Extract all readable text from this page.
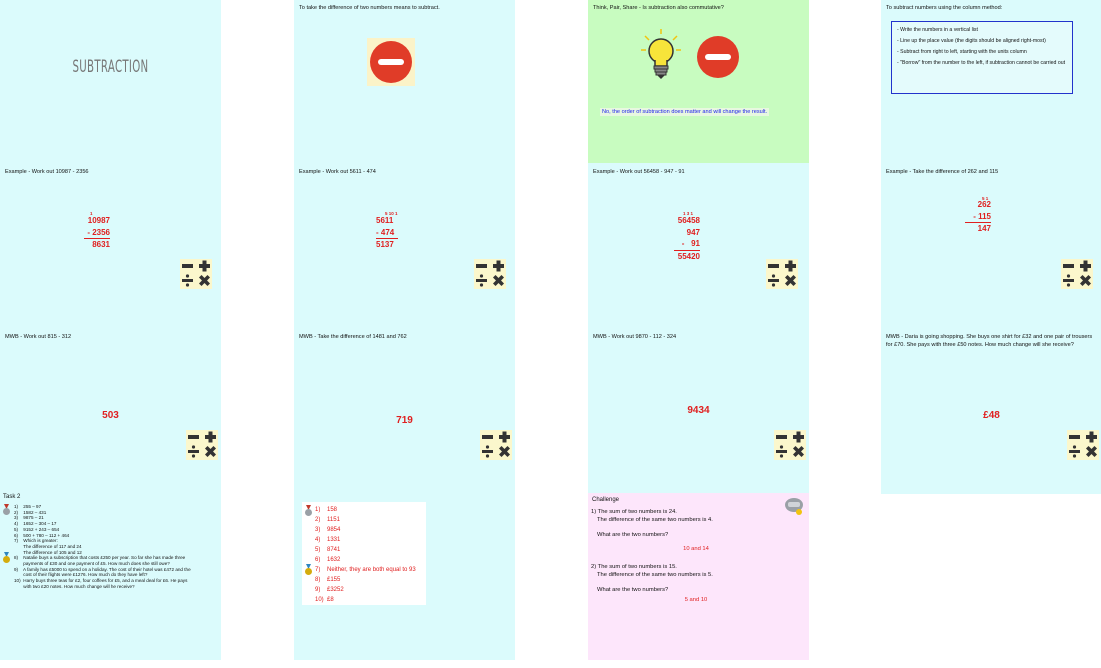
SUBTRACTION
Example - Work out 10987 - 2356
1
10987
- 2356
8631
MWB - Work out 815 - 312
503
Task 2
1) 255 – 97
2) 1582 – 431
3) 9875 – 21
4) 1652 – 304 – 17
5) 9152 + 243 – 654
6) 500 + 780 – 112 + 464
7) Which is greater:
The difference of 117 and 24
The difference of 105 and 12
8) Natalie buys a subscription that costs £250 per year. So far she has made three
payments of £30 and one payment of £5. How much does she still owe?
9) A family has £5000 to spend on a holiday. The cost of their hotel was £472 and the
cost of their flights were £1276. How much do they have left?
10) Harry buys three teas for £2, four coffees for £5, and a meal deal for £6. He pays
with two £20 notes. How much change will he receive?
To take the difference of two numbers means to subtract.
Example - Work out 5611 - 474
5 10 1
5611
- 474
5137
MWB - Take the difference of 1481 and 762
719
1) 158
2) 1151
3) 9854
4) 1331
5) 8741
6) 1632
7) Neither, they are both equal to 93
8) £155
9) £3252
10) £8
Think, Pair, Share - Is subtraction also commutative?
No, the order of subtraction does matter and will change the result.
Example - Work out 56458 - 947 - 91
1 3 1
56458
947
-   91
55420
MWB - Work out 9870 - 112 - 324
9434
Challenge
1) The sum of two numbers is 24.
The difference of the same two numbers is 4.
What are the two numbers?
10 and 14
2) The sum of two numbers is 15.
The difference of the same two numbers is 5.
What are the two numbers?
5 and 10
To subtract numbers using the column method:
- Write the numbers in a vertical list
- Line up the place value (the digits should be aligned right-most)
- Subtract from right to left, starting with the units column
- "Borrow" from the number to the left, if subtraction cannot be carried out
Example - Take the difference of 262 and 115
5 1
262
- 115
147
MWB - Daria is going shopping. She buys one shirt for £32 and one pair of trousers for £70. She pays with three £50 notes. How much change will she receive?
£48
